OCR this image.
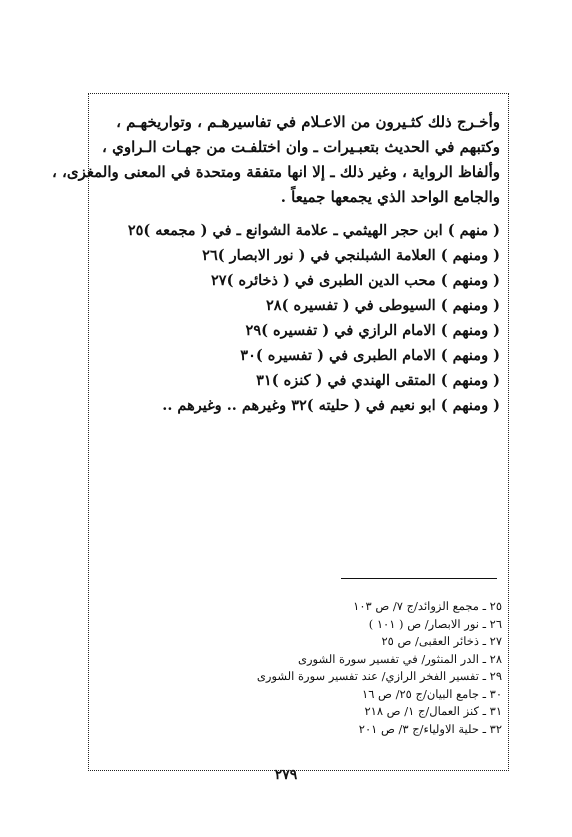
وأخـرج ذلك كثـيرون من الاعـلام في تفاسيرهـم ، وتواريخهـم ،
وكتبهم في الحديث بتعبـيرات ـ وان اختلفـت من جهـات الـراوي ،
وألفاظ الرواية ، وغير ذلك ـ إلا انها متفقة ومتحدة في المعنى والمغزى، ،
والجامع الواحد الذي يجمعها جميعاً .
( منهم ) ابن حجر الهيثمي ـ علامة الشوانع ـ في ( مجمعه )٢٥
( ومنهم ) العلامة الشبلنجي في ( نور الابصار )٢٦
( ومنهم ) محب الدين الطبرى في ( ذخائره )٢٧
( ومنهم ) السيوطى في ( تفسيره )٢٨
( ومنهم ) الامام الرازي في ( تفسيره )٢٩
( ومنهم ) الامام الطبرى في ( تفسيره )٣٠
( ومنهم ) المتقى الهندي في ( كنزه )٣١
( ومنهم ) ابو نعيم في ( حليته )٣٢ وغيرهم .. وغيرهم ..
٢٥ ـ مجمع الزوائد/ج ٧/ ص ١٠٣
٢٦ ـ نور الابصار/ ص ( ١٠١ )
٢٧ ـ ذخائر العقبى/ ص ٢٥
٢٨ ـ الدر المنثور/ في تفسير سورة الشورى
٢٩ ـ تفسير الفخر الرازي/ عند تفسير سورة الشورى
٣٠ ـ جامع البيان/ج ٢٥/ ص ١٦
٣١ ـ كنز العمال/ج ١/ ص ٢١٨
٣٢ ـ حلية الاولياء/ج ٣/ ص ٢٠١
٢٧٩
